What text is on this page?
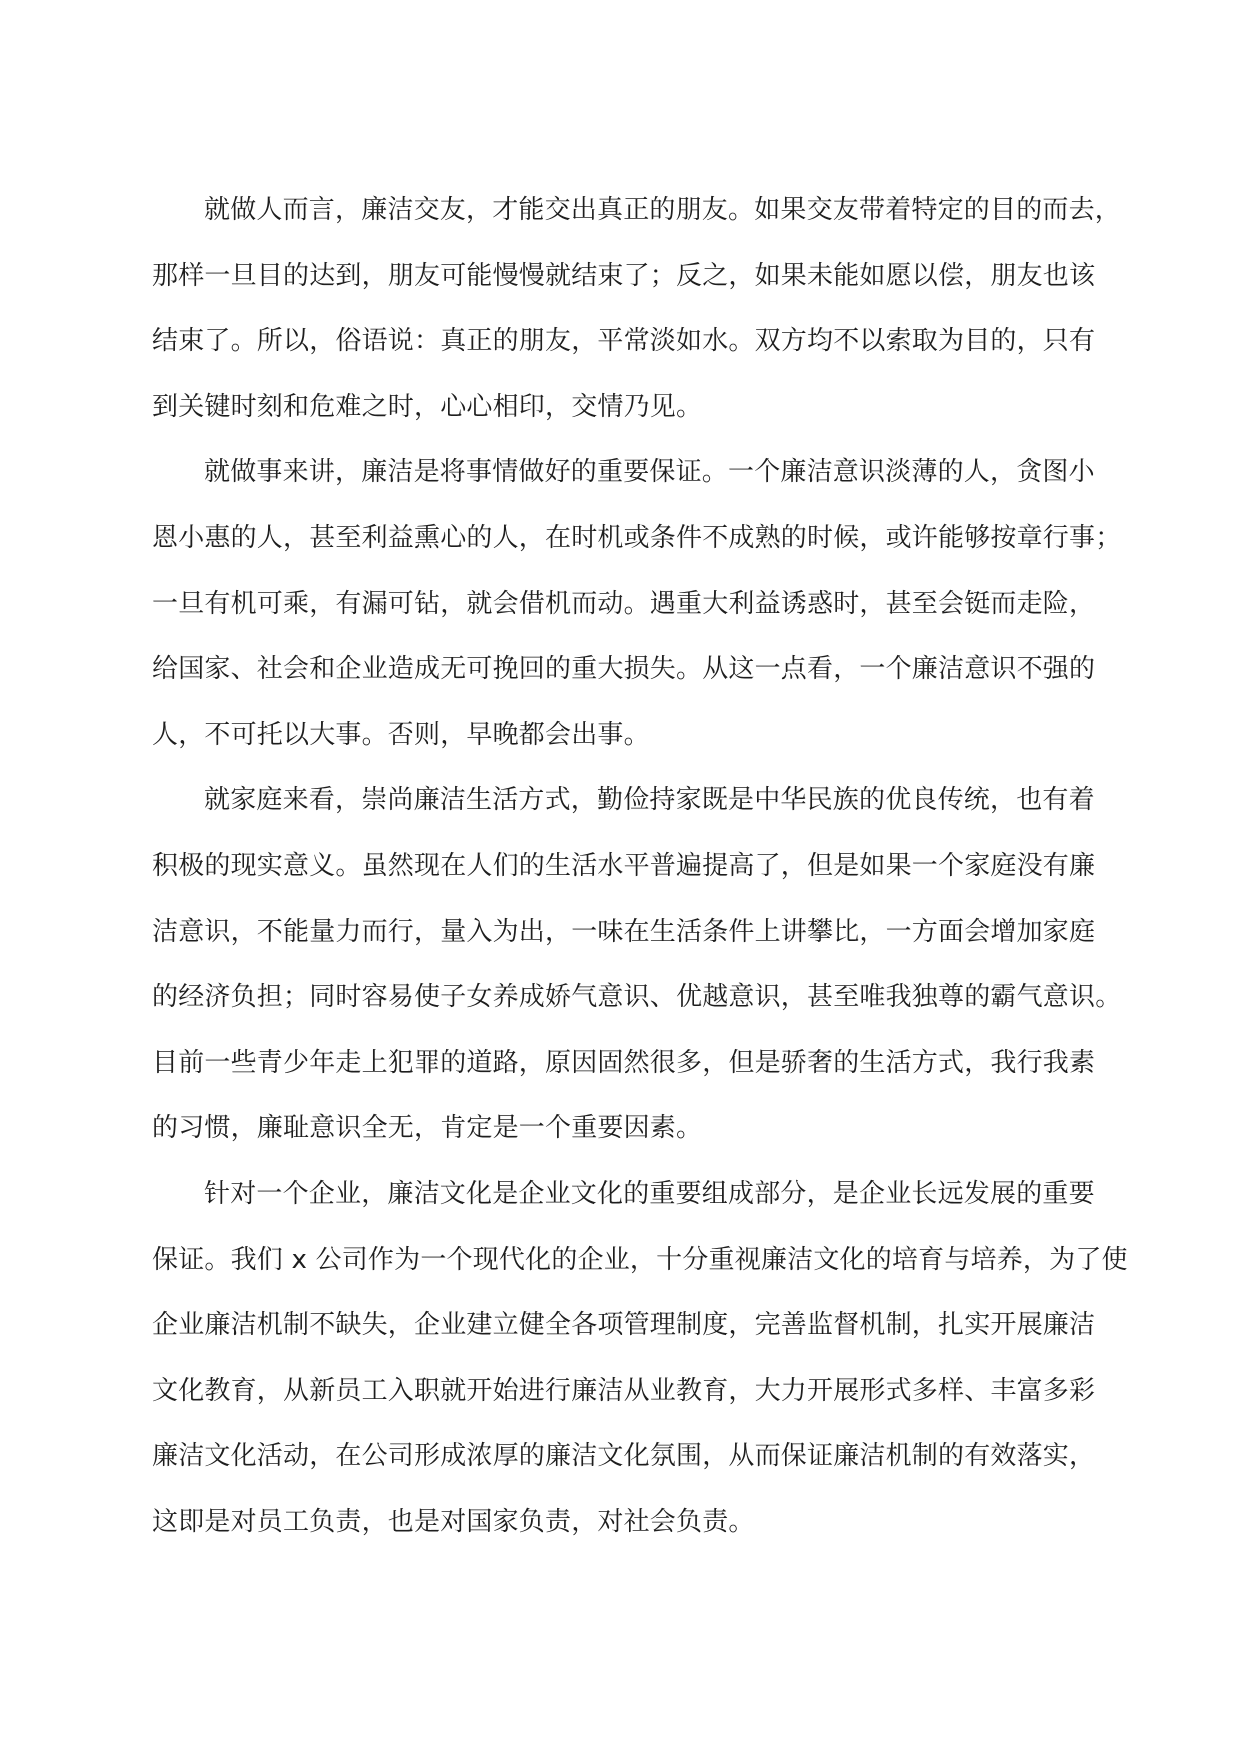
就做人而言，廉洁交友，才能交出真正的朋友。如果交友带着特定的目的而去，
那样一旦目的达到，朋友可能慢慢就结束了；反之，如果未能如愿以偿，朋友也该
结束了。所以，俗语说：真正的朋友，平常淡如水。双方均不以索取为目的，只有
到关键时刻和危难之时，心心相印，交情乃见。
就做事来讲，廉洁是将事情做好的重要保证。一个廉洁意识淡薄的人，贪图小
恩小惠的人，甚至利益熏心的人，在时机或条件不成熟的时候，或许能够按章行事；
一旦有机可乘，有漏可钻，就会借机而动。遇重大利益诱惑时，甚至会铤而走险，
给国家、社会和企业造成无可挽回的重大损失。从这一点看，一个廉洁意识不强的
人，不可托以大事。否则，早晚都会出事。
就家庭来看，崇尚廉洁生活方式，勤俭持家既是中华民族的优良传统，也有着
积极的现实意义。虽然现在人们的生活水平普遍提高了，但是如果一个家庭没有廉
洁意识，不能量力而行，量入为出，一味在生活条件上讲攀比，一方面会增加家庭
的经济负担；同时容易使子女养成娇气意识、优越意识，甚至唯我独尊的霸气意识。
目前一些青少年走上犯罪的道路，原因固然很多，但是骄奢的生活方式，我行我素
的习惯，廉耻意识全无，肯定是一个重要因素。
针对一个企业，廉洁文化是企业文化的重要组成部分，是企业长远发展的重要
保证。我们 x 公司作为一个现代化的企业，十分重视廉洁文化的培育与培养，为了使
企业廉洁机制不缺失，企业建立健全各项管理制度，完善监督机制，扎实开展廉洁
文化教育，从新员工入职就开始进行廉洁从业教育，大力开展形式多样、丰富多彩
廉洁文化活动，在公司形成浓厚的廉洁文化氛围，从而保证廉洁机制的有效落实，
这即是对员工负责，也是对国家负责，对社会负责。
